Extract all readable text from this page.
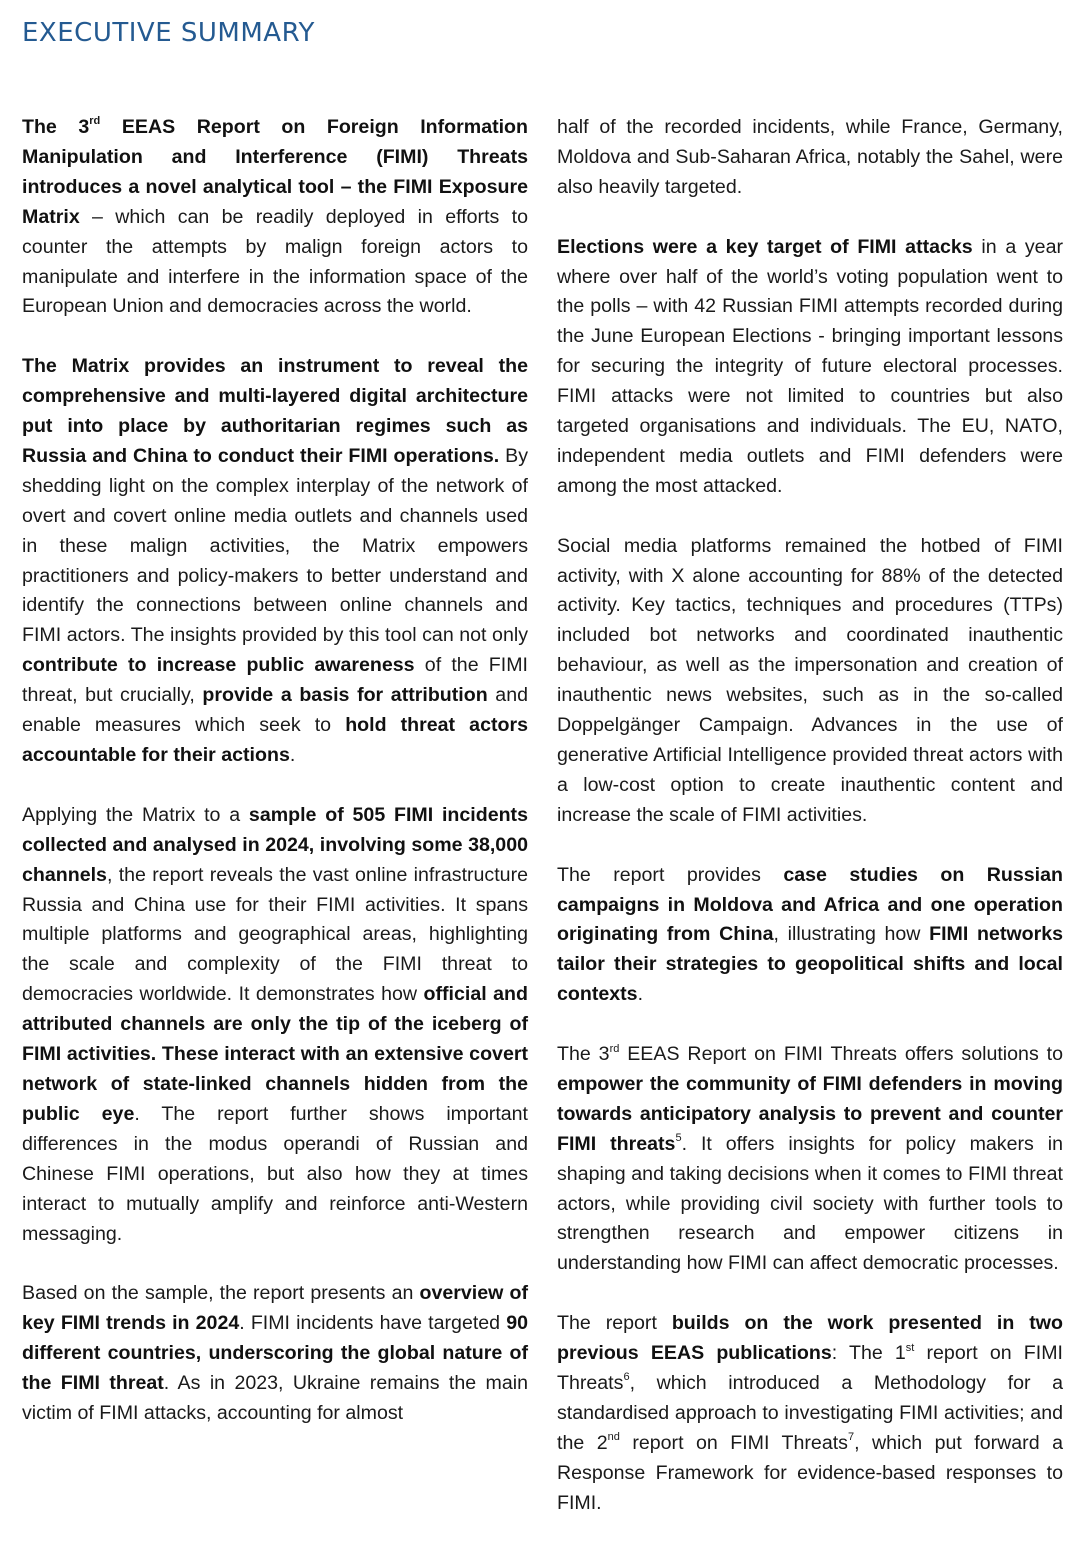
EXECUTIVE SUMMARY

The 3rd EEAS Report on Foreign Information Manipulation and Interference (FIMI) Threats introduces a novel analytical tool – the FIMI Exposure Matrix – which can be readily deployed in efforts to counter the attempts by malign foreign actors to manipulate and interfere in the information space of the European Union and democracies across the world.

The Matrix provides an instrument to reveal the comprehensive and multi-layered digital architecture put into place by authoritarian regimes such as Russia and China to conduct their FIMI operations. By shedding light on the complex interplay of the network of overt and covert online media outlets and channels used in these malign activities, the Matrix empowers practitioners and policy-makers to better understand and identify the connections between online channels and FIMI actors. The insights provided by this tool can not only contribute to increase public awareness of the FIMI threat, but crucially, provide a basis for attribution and enable measures which seek to hold threat actors accountable for their actions.

Applying the Matrix to a sample of 505 FIMI incidents collected and analysed in 2024, involving some 38,000 channels, the report reveals the vast online infrastructure Russia and China use for their FIMI activities. It spans multiple platforms and geographical areas, highlighting the scale and complexity of the FIMI threat to democracies worldwide. It demonstrates how official and attributed channels are only the tip of the iceberg of FIMI activities. These interact with an extensive covert network of state-linked channels hidden from the public eye. The report further shows important differences in the modus operandi of Russian and Chinese FIMI operations, but also how they at times interact to mutually amplify and reinforce anti-Western messaging.

Based on the sample, the report presents an overview of key FIMI trends in 2024. FIMI incidents have targeted 90 different countries, underscoring the global nature of the FIMI threat. As in 2023, Ukraine remains the main victim of FIMI attacks, accounting for almost

half of the recorded incidents, while France, Germany, Moldova and Sub-Saharan Africa, notably the Sahel, were also heavily targeted.

Elections were a key target of FIMI attacks in a year where over half of the world’s voting population went to the polls – with 42 Russian FIMI attempts recorded during the June European Elections - bringing important lessons for securing the integrity of future electoral processes. FIMI attacks were not limited to countries but also targeted organisations and individuals. The EU, NATO, independent media outlets and FIMI defenders were among the most attacked.

Social media platforms remained the hotbed of FIMI activity, with X alone accounting for 88% of the detected activity. Key tactics, techniques and procedures (TTPs) included bot networks and coordinated inauthentic behaviour, as well as the impersonation and creation of inauthentic news websites, such as in the so-called Doppelgänger Campaign. Advances in the use of generative Artificial Intelligence provided threat actors with a low-cost option to create inauthentic content and increase the scale of FIMI activities.

The report provides case studies on Russian campaigns in Moldova and Africa and one operation originating from China, illustrating how FIMI networks tailor their strategies to geopolitical shifts and local contexts.

The 3rd EEAS Report on FIMI Threats offers solutions to empower the community of FIMI defenders in moving towards anticipatory analysis to prevent and counter FIMI threats$^5$. It offers insights for policy makers in shaping and taking decisions when it comes to FIMI threat actors, while providing civil society with further tools to strengthen research and empower citizens in understanding how FIMI can affect democratic processes.

The report builds on the work presented in two previous EEAS publications: The 1st report on FIMI Threats$^6$, which introduced a Methodology for a standardised approach to investigating FIMI activities; and the 2nd report on FIMI Threats$^7$, which put forward a Response Framework for evidence-based responses to FIMI.
